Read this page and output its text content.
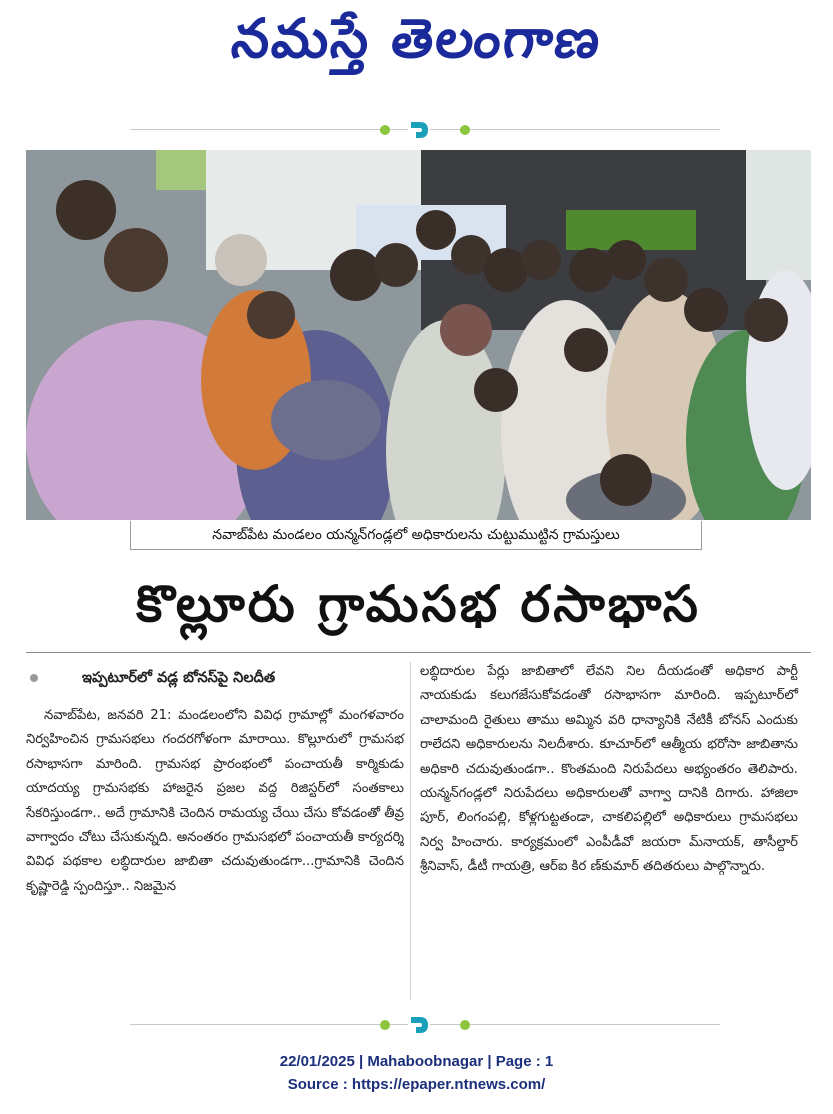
నమస్తే తెలంగాణ
నవాబ్‌పేట మండలం యన్మన్‌గండ్లలో అధికారులను చుట్టుముట్టిన గ్రామస్తులు
కొల్లూరు గ్రామసభ రసాభాస
ఇప్పటూర్‌లో వడ్ల బోనస్‌పై నిలదీత

నవాబ్‌పేట, జనవరి 21: మండలంలోని వివిధ గ్రామాల్లో మంగళవారం నిర్వహించిన గ్రామసభలు గందరగోళంగా మారాయి. కొల్లూరులో గ్రామసభ రసాభాసగా మారింది. గ్రామసభ ప్రారంభంలో పంచాయతీ కార్మికుడు యాదయ్య గ్రామసభకు హాజరైన ప్రజల వద్ద రిజిస్టర్‌లో సంతకాలు సేకరిస్తుండగా.. అదే గ్రామానికి చెందిన రామయ్య చేయి చేసు కోవడంతో తీవ్ర వాగ్వాదం చోటు చేసుకున్నది. అనంతరం గ్రామసభలో పంచాయతీ కార్యదర్శి వివిధ పథకాల లబ్ధిదారుల జాబితా చదువుతుండగా...గ్రామానికి చెందిన కృష్ణారెడ్డి స్పందిస్తూ.. నిజమైన

లబ్ధిదారుల పేర్లు జాబితాలో లేవని నిల దీయడంతో అధికార పార్టీ నాయకుడు కలుగజేసుకోవడంతో రసాభాసగా మారింది. ఇప్పటూర్‌లో చాలామంది రైతులు తాము అమ్మిన వరి ధాన్యానికి నేటికీ బోనస్ ఎందుకు రాలేదని అధికారులను నిలదీశారు. కూచూర్‌లో ఆత్మీయ భరోసా జాబితాను అధికారి చదువుతుండగా.. కొంతమంది నిరుపేదలు అభ్యంతరం తెలిపారు. యన్మన్‌గండ్లలో నిరుపేదలు అధికారులతో వాగ్వా దానికి దిగారు. హాజిలా పూర్, లింగంపల్లి, కోళ్లగుట్టతండా, చాకలిపల్లిలో అధికారులు గ్రామసభలు నిర్వ హించారు. కార్యక్రమంలో ఎంపీడీవో జయరా మ్‌నాయక్, తాసీల్దార్ శ్రీనివాస్, డీటీ గాయత్రి, ఆర్‌ఐ కిర ణ్‌కుమార్ తదితరులు పాల్గొన్నారు.

22/01/2025 | Mahaboobnagar | Page : 1
Source : https://epaper.ntnews.com/
